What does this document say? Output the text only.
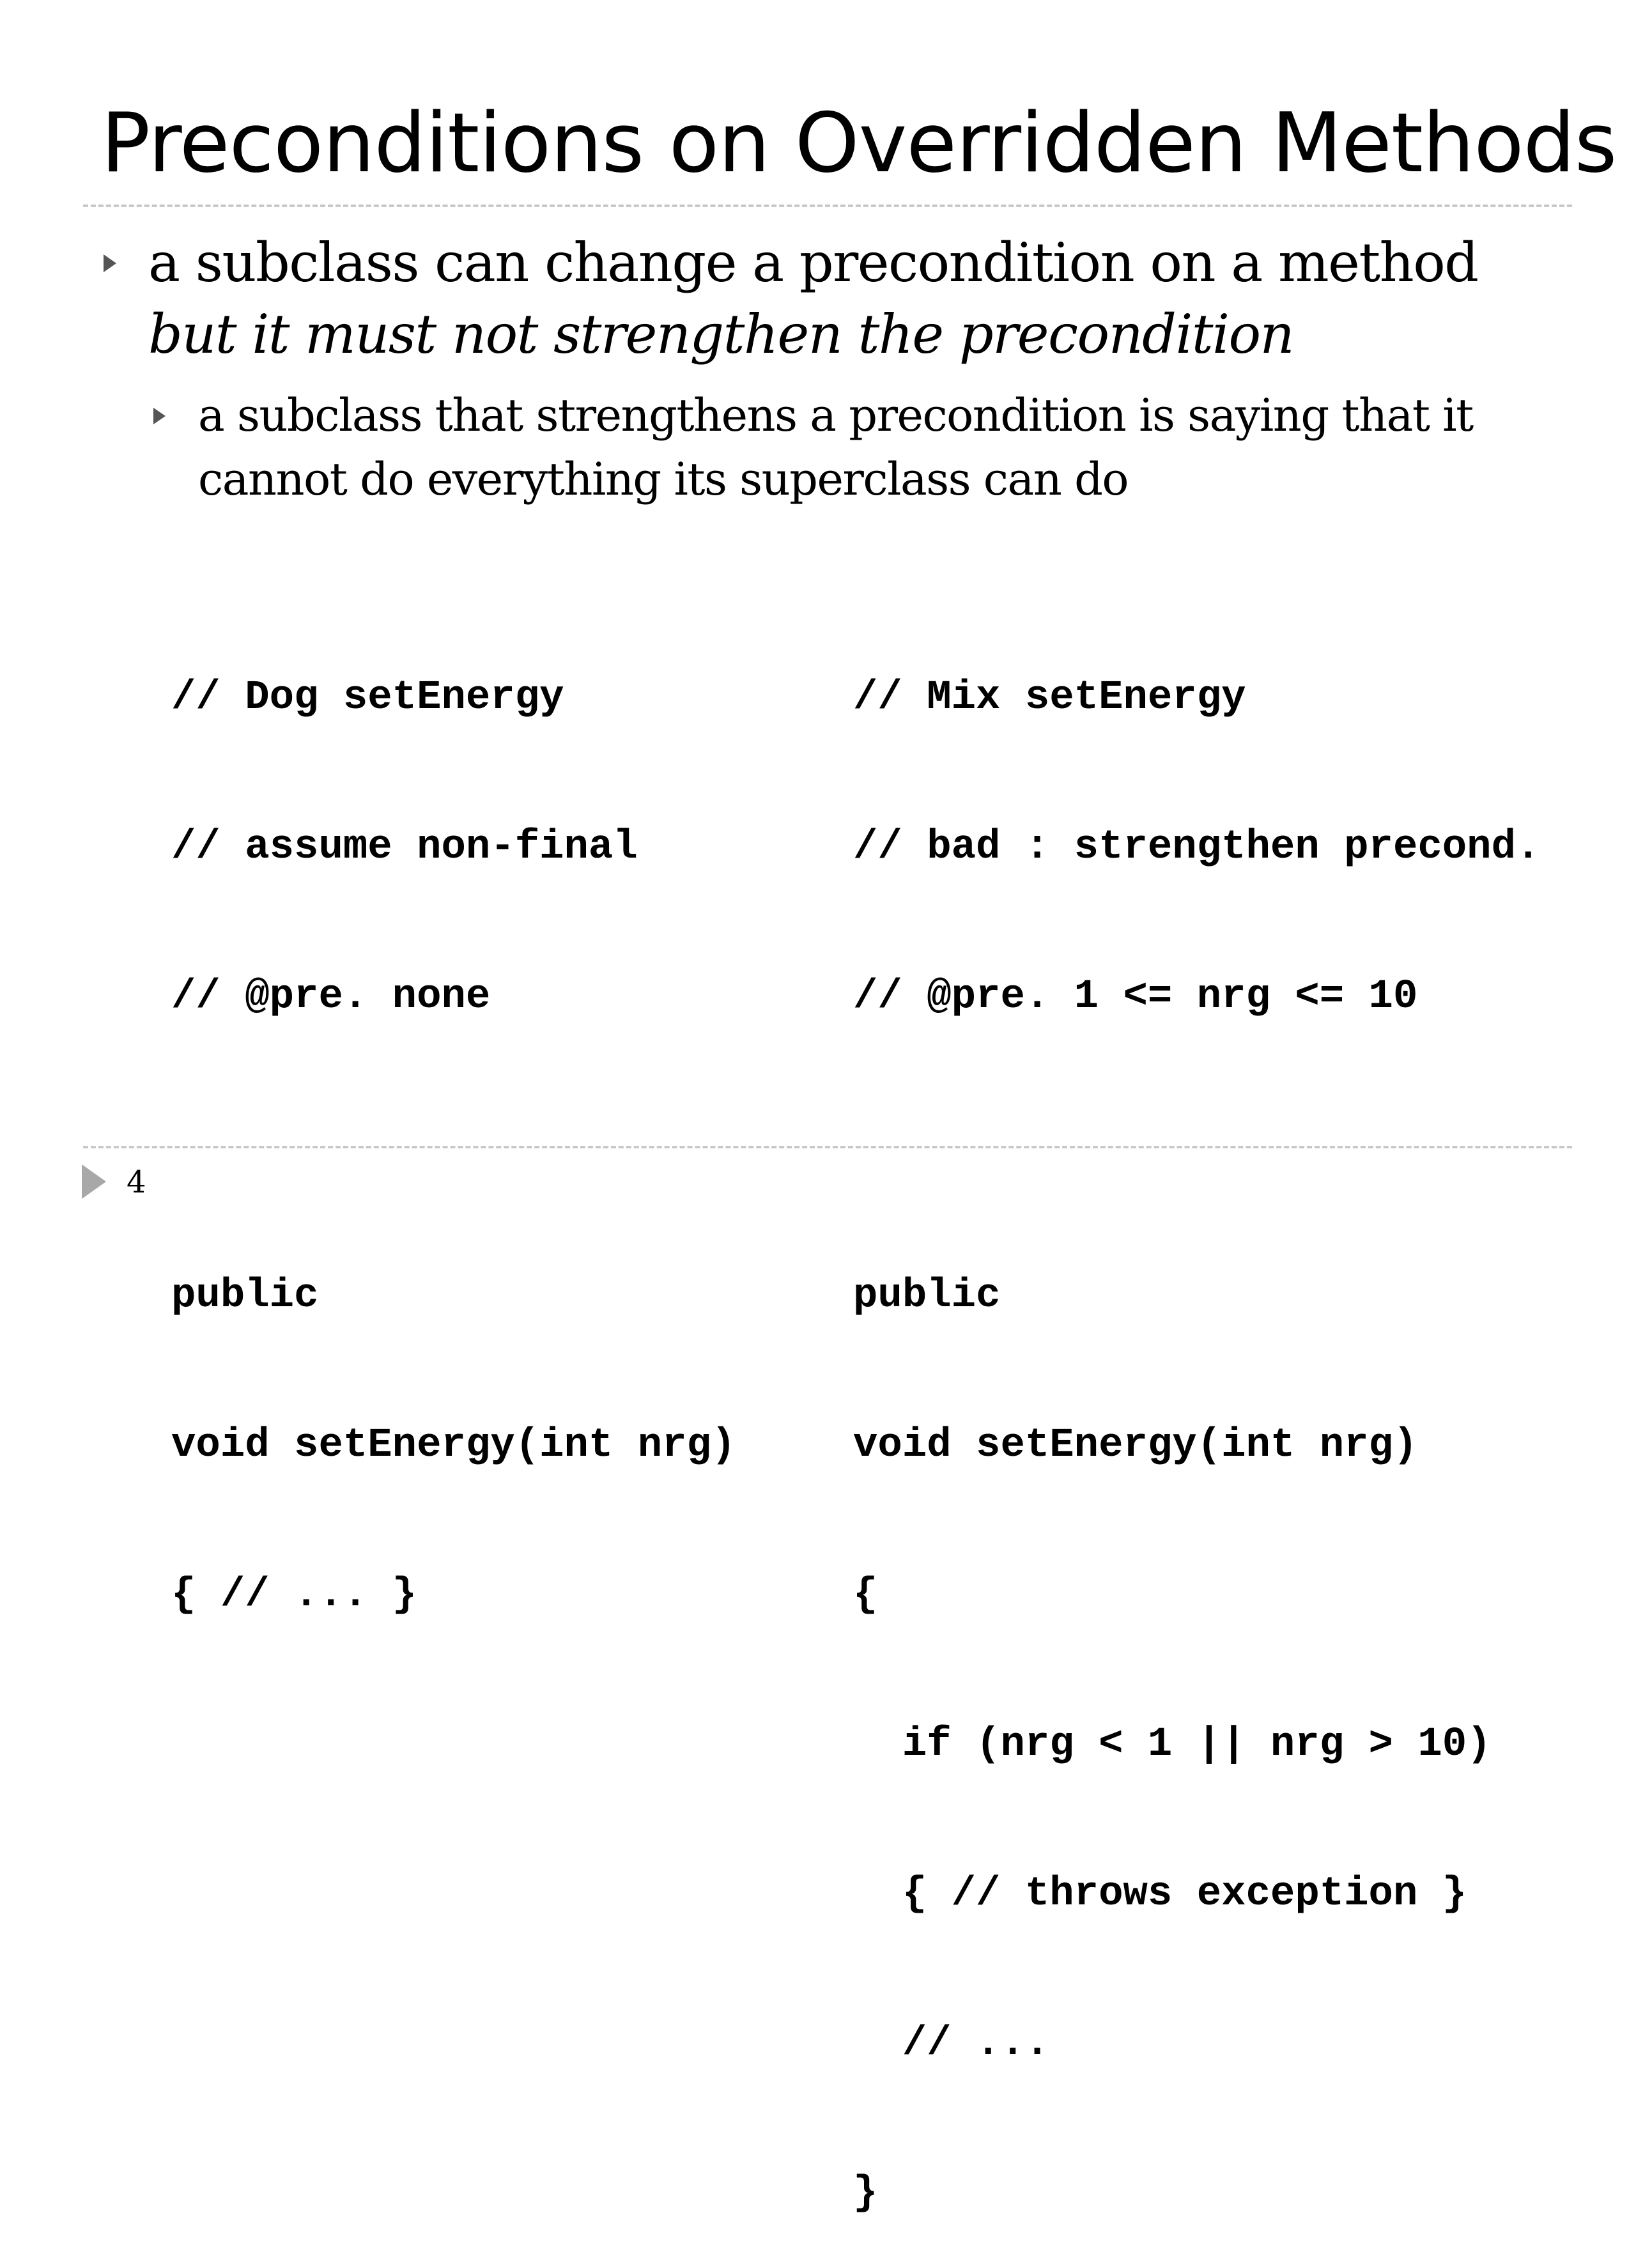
Preconditions on Overridden Methods
a subclass can change a precondition on a method but it must not strengthen the precondition
a subclass that strengthens a precondition is saying that it cannot do everything its superclass can do

// Dog setEnergy

// assume non-final

// @pre. none

public

void setEnergy(int nrg)

{ // ... }

// Mix setEnergy

// bad : strengthen precond.

// @pre. 1 <= nrg <= 10

public

void setEnergy(int nrg)

{

if (nrg < 1 || nrg > 10)

{ // throws exception }

// ...

}

4
